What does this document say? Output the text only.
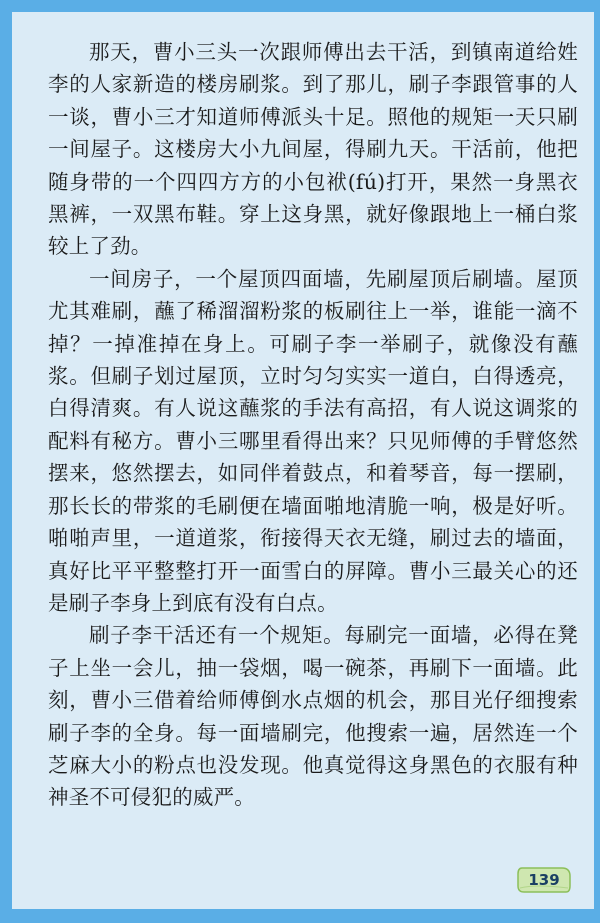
那天，曹小三头一次跟师傅出去干活，到镇南道给姓李的人家新造的楼房刷浆。到了那儿，刷子李跟管事的人一谈，曹小三才知道师傅派头十足。照他的规矩一天只刷一间屋子。这楼房大小九间屋，得刷九天。干活前，他把随身带的一个四四方方的小包袱(fú)打开，果然一身黑衣黑裤，一双黑布鞋。穿上这身黑，就好像跟地上一桶白浆较上了劲。

一间房子，一个屋顶四面墙，先刷屋顶后刷墙。屋顶尤其难刷，蘸了稀溜溜粉浆的板刷往上一举，谁能一滴不掉？一掉准掉在身上。可刷子李一举刷子，就像没有蘸浆。但刷子划过屋顶，立时匀匀实实一道白，白得透亮，白得清爽。有人说这蘸浆的手法有高招，有人说这调浆的配料有秘方。曹小三哪里看得出来？只见师傅的手臂悠然摆来，悠然摆去，如同伴着鼓点，和着琴音，每一摆刷，那长长的带浆的毛刷便在墙面啪地清脆一响，极是好听。啪啪声里，一道道浆，衔接得天衣无缝，刷过去的墙面，真好比平平整整打开一面雪白的屏障。曹小三最关心的还是刷子李身上到底有没有白点。

刷子李干活还有一个规矩。每刷完一面墙，必得在凳子上坐一会儿，抽一袋烟，喝一碗茶，再刷下一面墙。此刻，曹小三借着给师傅倒水点烟的机会，那目光仔细搜索刷子李的全身。每一面墙刷完，他搜索一遍，居然连一个芝麻大小的粉点也没发现。他真觉得这身黑色的衣服有种神圣不可侵犯的威严。

139
